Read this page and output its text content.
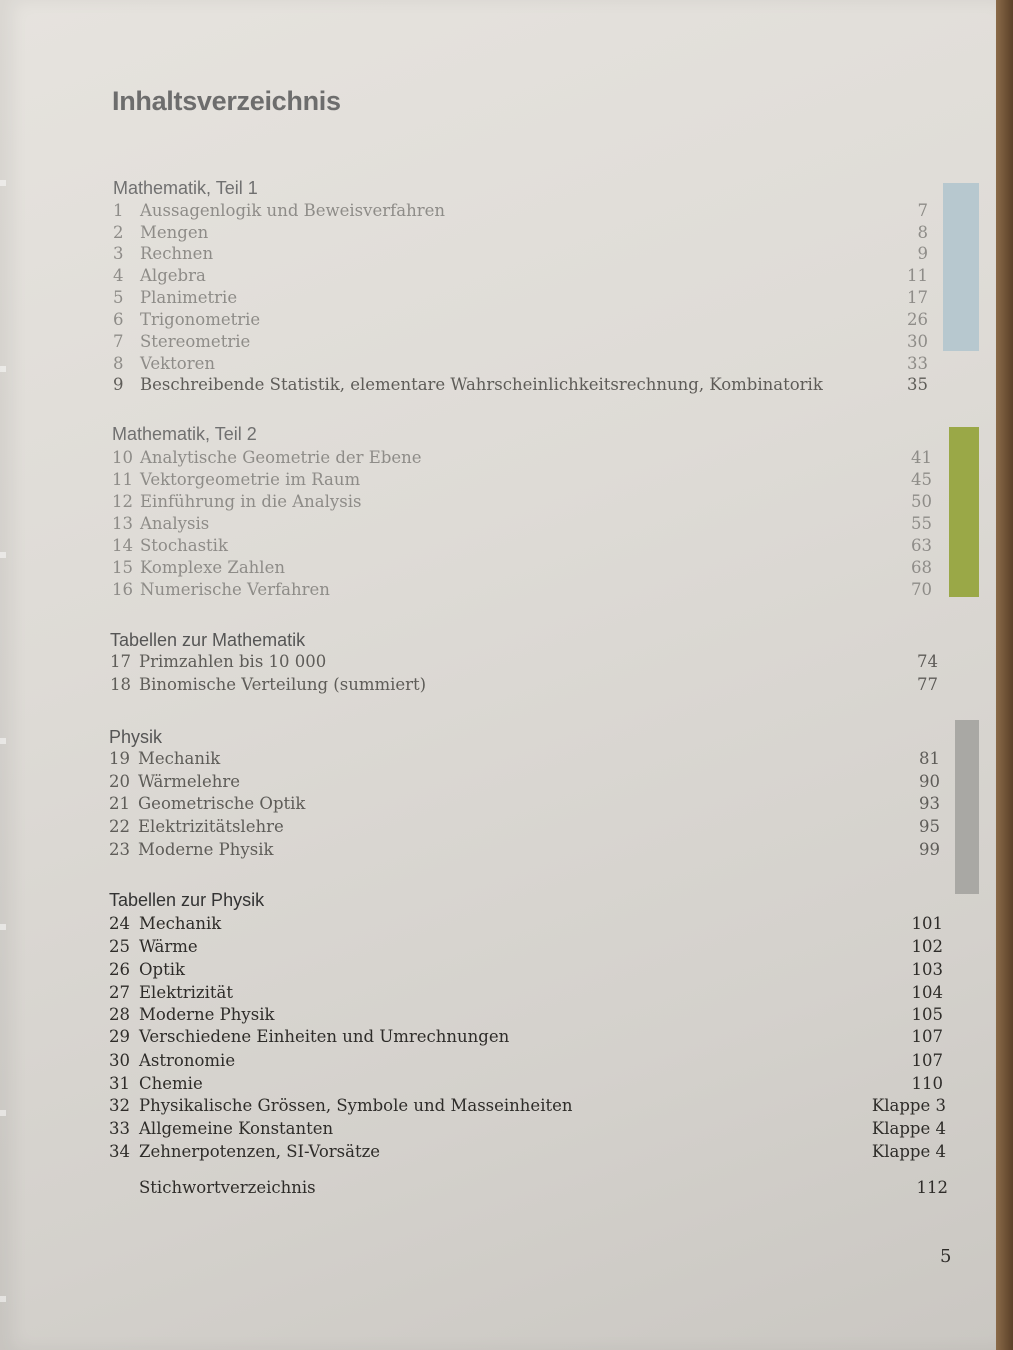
Inhaltsverzeichnis
Mathematik, Teil 1
1 Aussagenlogik und Beweisverfahren	7
2 Mengen	8
3 Rechnen	9
4 Algebra	11
5 Planimetrie	17
6 Trigonometrie	26
7 Stereometrie	30
8 Vektoren	33
9 Beschreibende Statistik, elementare Wahrscheinlichkeitsrechnung, Kombinatorik	35
Mathematik, Teil 2
10 Analytische Geometrie der Ebene	41
11 Vektorgeometrie im Raum	45
12 Einführung in die Analysis	50
13 Analysis	55
14 Stochastik	63
15 Komplexe Zahlen	68
16 Numerische Verfahren	70
Tabellen zur Mathematik
17 Primzahlen bis 10 000	74
18 Binomische Verteilung (summiert)	77
Physik
19 Mechanik	81
20 Wärmelehre	90
21 Geometrische Optik	93
22 Elektrizitätslehre	95
23 Moderne Physik	99
Tabellen zur Physik
24 Mechanik	101
25 Wärme	102
26 Optik	103
27 Elektrizität	104
28 Moderne Physik	105
29 Verschiedene Einheiten und Umrechnungen	107
30 Astronomie	107
31 Chemie	110
32 Physikalische Grössen, Symbole und Masseinheiten	Klappe 3
33 Allgemeine Konstanten	Klappe 4
34 Zehnerpotenzen, SI-Vorsätze	Klappe 4
Stichwortverzeichnis	112
5
